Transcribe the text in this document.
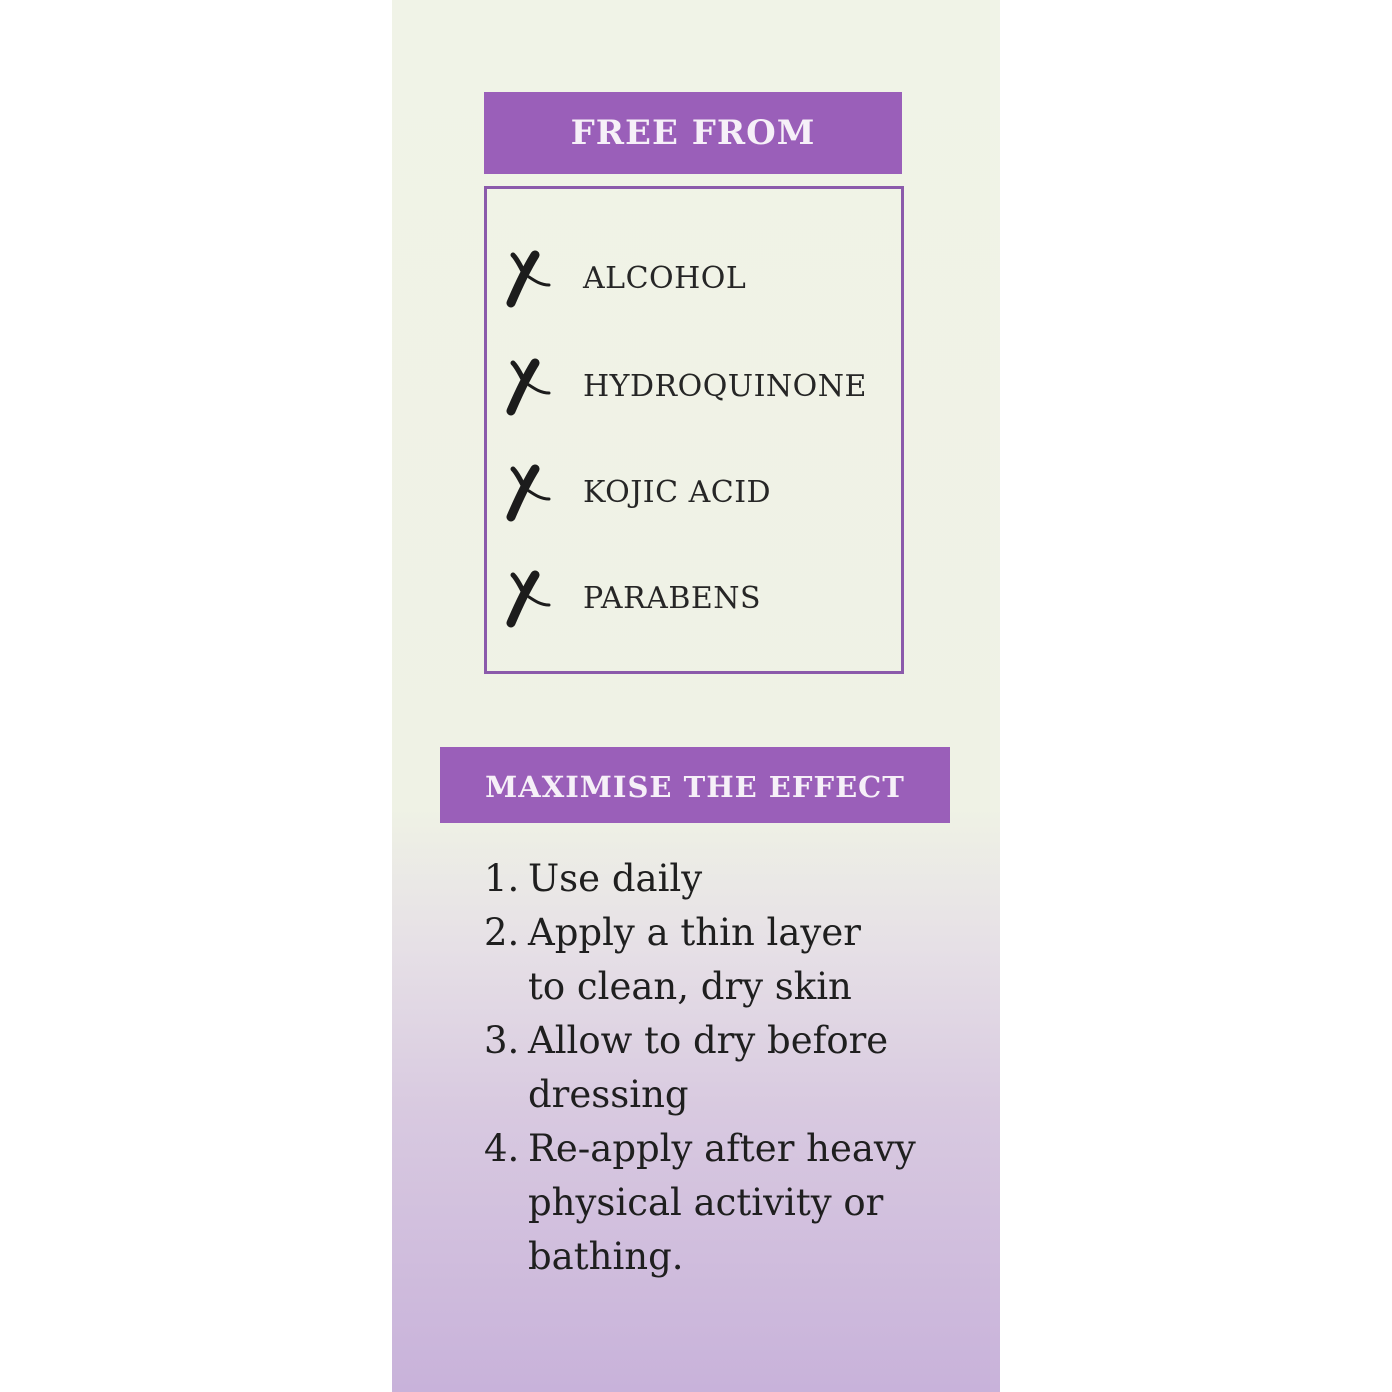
FREE FROM
ALCOHOL
HYDROQUINONE
KOJIC ACID
PARABENS
MAXIMISE THE EFFECT
1. Use daily
2. Apply a thin layer to clean, dry skin
3. Allow to dry before dressing
4. Re-apply after heavy physical activity or bathing.
